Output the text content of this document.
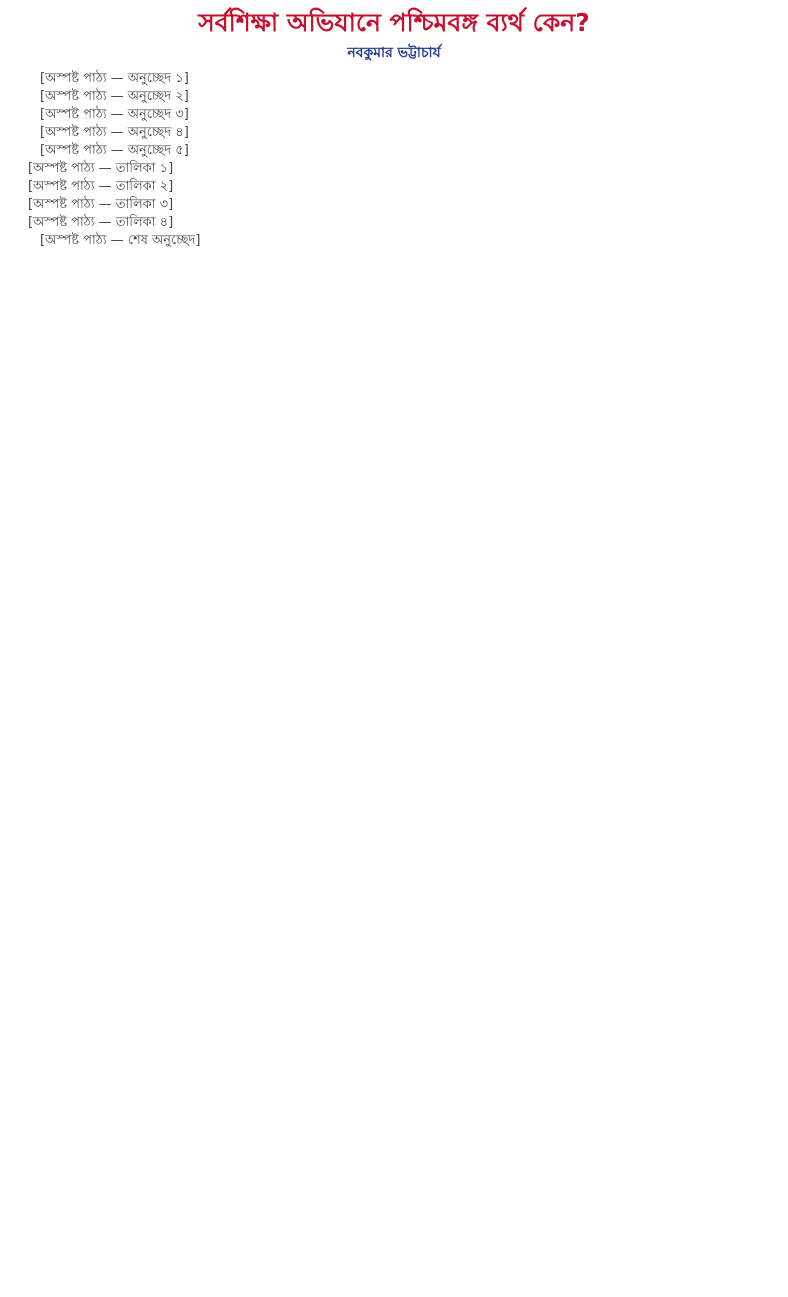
সর্বশিক্ষা অভিযানে পশ্চিমবঙ্গ ব্যর্থ কেন?
নবকুমার ভট্টাচার্য

[অস্পষ্ট পাঠ্য — অনুচ্ছেদ ১]

[অস্পষ্ট পাঠ্য — অনুচ্ছেদ ২]

[অস্পষ্ট পাঠ্য — অনুচ্ছেদ ৩]

[অস্পষ্ট পাঠ্য — অনুচ্ছেদ ৪]

[অস্পষ্ট পাঠ্য — অনুচ্ছেদ ৫]

[অস্পষ্ট পাঠ্য — তালিকা ১]
[অস্পষ্ট পাঠ্য — তালিকা ২]
[অস্পষ্ট পাঠ্য — তালিকা ৩]
[অস্পষ্ট পাঠ্য — তালিকা ৪]

[অস্পষ্ট পাঠ্য — শেষ অনুচ্ছেদ]
